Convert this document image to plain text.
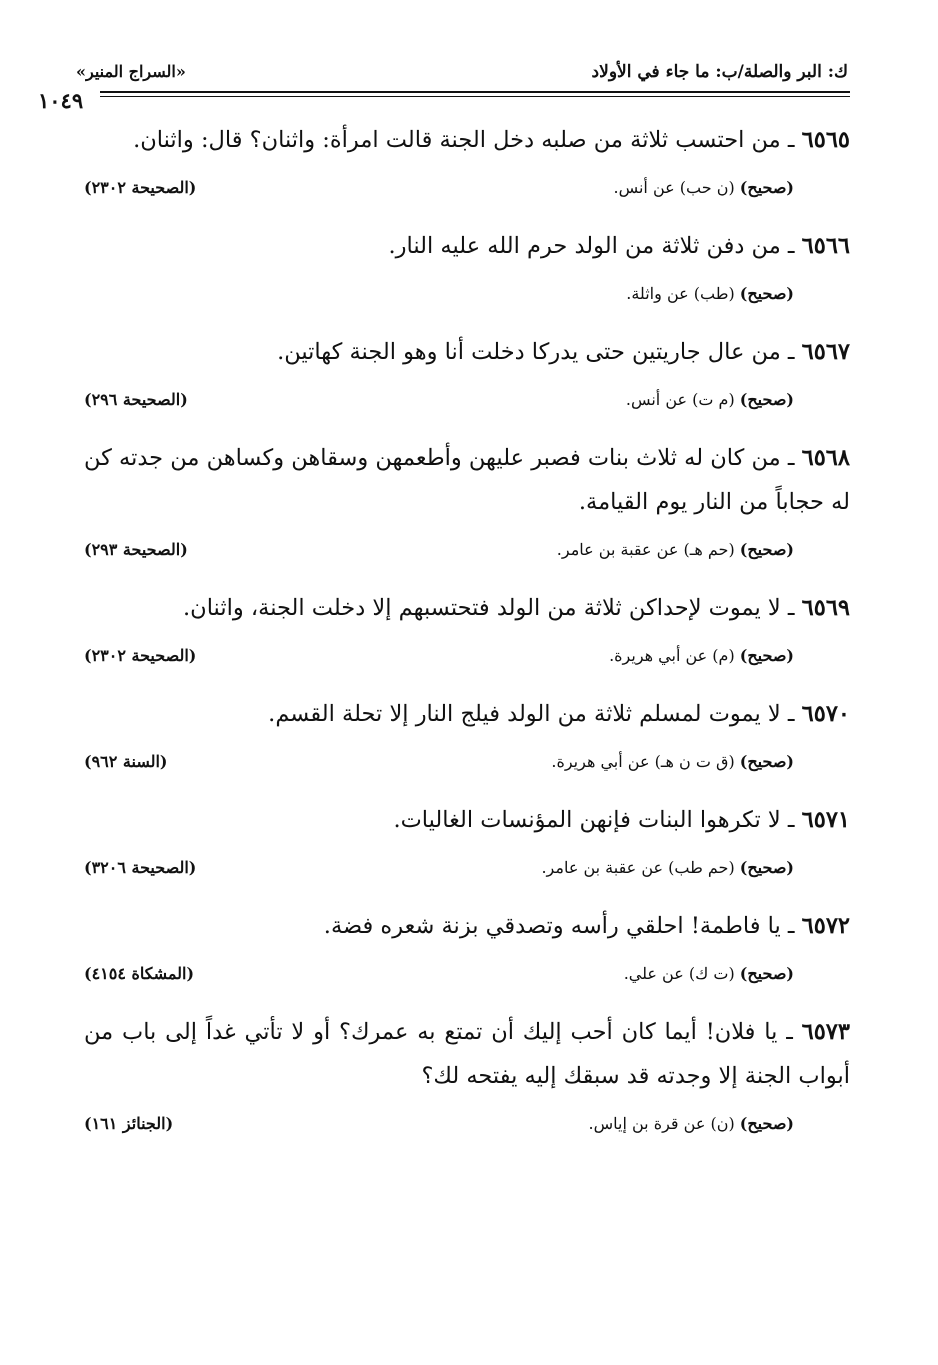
ك: البر والصلة/ب: ما جاء في الأولاد
«السراج المنير»
١٠٤٩

٦٥٦٥ ـ من احتسب ثلاثة من صلبه دخل الجنة قالت امرأة: واثنان؟ قال: واثنان.

(صحيح) (ن حب) عن أنس.
(الصحيحة ٢٣٠٢)

٦٥٦٦ ـ من دفن ثلاثة من الولد حرم الله عليه النار.

(صحيح) (طب) عن واثلة.

٦٥٦٧ ـ من عال جاريتين حتى يدركا دخلت أنا وهو الجنة كهاتين.

(صحيح) (م ت) عن أنس.
(الصحيحة ٢٩٦)

٦٥٦٨ ـ من كان له ثلاث بنات فصبر عليهن وأطعمهن وسقاهن وكساهن من جدته كن له حجاباً من النار يوم القيامة.

(صحيح) (حم هـ) عن عقبة بن عامر.
(الصحيحة ٢٩٣)

٦٥٦٩ ـ لا يموت لإحداكن ثلاثة من الولد فتحتسبهم إلا دخلت الجنة، واثنان.

(صحيح) (م) عن أبي هريرة.
(الصحيحة ٢٣٠٢)

٦٥٧٠ ـ لا يموت لمسلم ثلاثة من الولد فيلج النار إلا تحلة القسم.

(صحيح) (ق ت ن هـ) عن أبي هريرة.
(السنة ٩٦٢)

٦٥٧١ ـ لا تكرهوا البنات فإنهن المؤنسات الغاليات.

(صحيح) (حم طب) عن عقبة بن عامر.
(الصحيحة ٣٢٠٦)

٦٥٧٢ ـ يا فاطمة! احلقي رأسه وتصدقي بزنة شعره فضة.

(صحيح) (ت ك) عن علي.
(المشكاة ٤١٥٤)

٦٥٧٣ ـ يا فلان! أيما كان أحب إليك أن تمتع به عمرك؟ أو لا تأتي غداً إلى باب من أبواب الجنة إلا وجدته قد سبقك إليه يفتحه لك؟

(صحيح) (ن) عن قرة بن إياس.
(الجنائز ١٦١)
